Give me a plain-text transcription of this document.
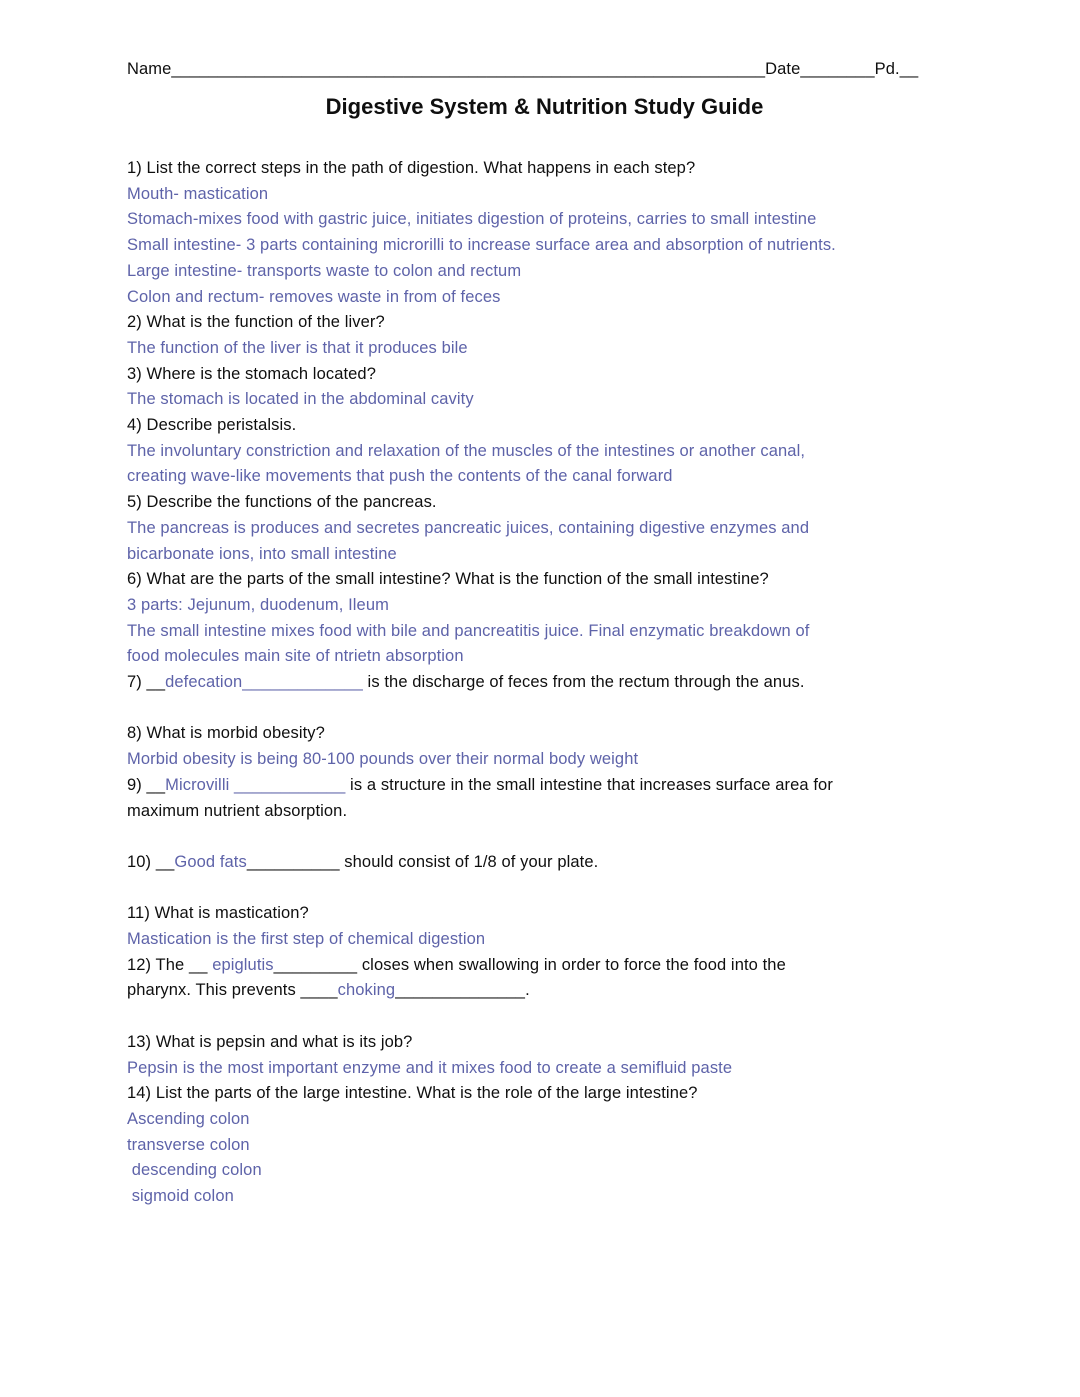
Name________________________________________________________________Date________Pd.__
Digestive System & Nutrition Study Guide
1) List the correct steps in the path of digestion. What happens in each step?
Mouth- mastication
Stomach-mixes food with gastric juice, initiates digestion of proteins, carries to small intestine
Small intestine- 3 parts containing microrilli to increase surface area and absorption of nutrients.
Large intestine- transports waste to colon and rectum
Colon and rectum- removes waste in from of feces
2) What is the function of the liver?
The function of the liver is that it produces bile
3) Where is the stomach located?
The stomach is located in the abdominal cavity
4) Describe peristalsis.
The involuntary constriction and relaxation of the muscles of the intestines or another canal,
creating wave-like movements that push the contents of the canal forward
5) Describe the functions of the pancreas.
The pancreas is produces and secretes pancreatic juices, containing digestive enzymes and
bicarbonate ions, into small intestine
6) What are the parts of the small intestine? What is the function of the small intestine?
3 parts: Jejunum, duodenum, Ileum
The small intestine mixes food with bile and pancreatitis juice. Final enzymatic breakdown of
food molecules main site of ntrietn absorption
7) __defecation_____________ is the discharge of feces from the rectum through the anus.
8) What is morbid obesity?
Morbid obesity is being 80-100 pounds over their normal body weight
9) __Microvilli ____________ is a structure in the small intestine that increases surface area for
maximum nutrient absorption.
10) __Good fats__________ should consist of 1/8 of your plate.
11) What is mastication?
Mastication is the first step of chemical digestion
12) The __ epiglutis_________ closes when swallowing in order to force the food into the
pharynx. This prevents ____choking______________.
13) What is pepsin and what is its job?
Pepsin is the most important enzyme and it mixes food to create a semifluid paste
14) List the parts of the large intestine. What is the role of the large intestine?
Ascending colon
transverse colon
descending colon
sigmoid colon
